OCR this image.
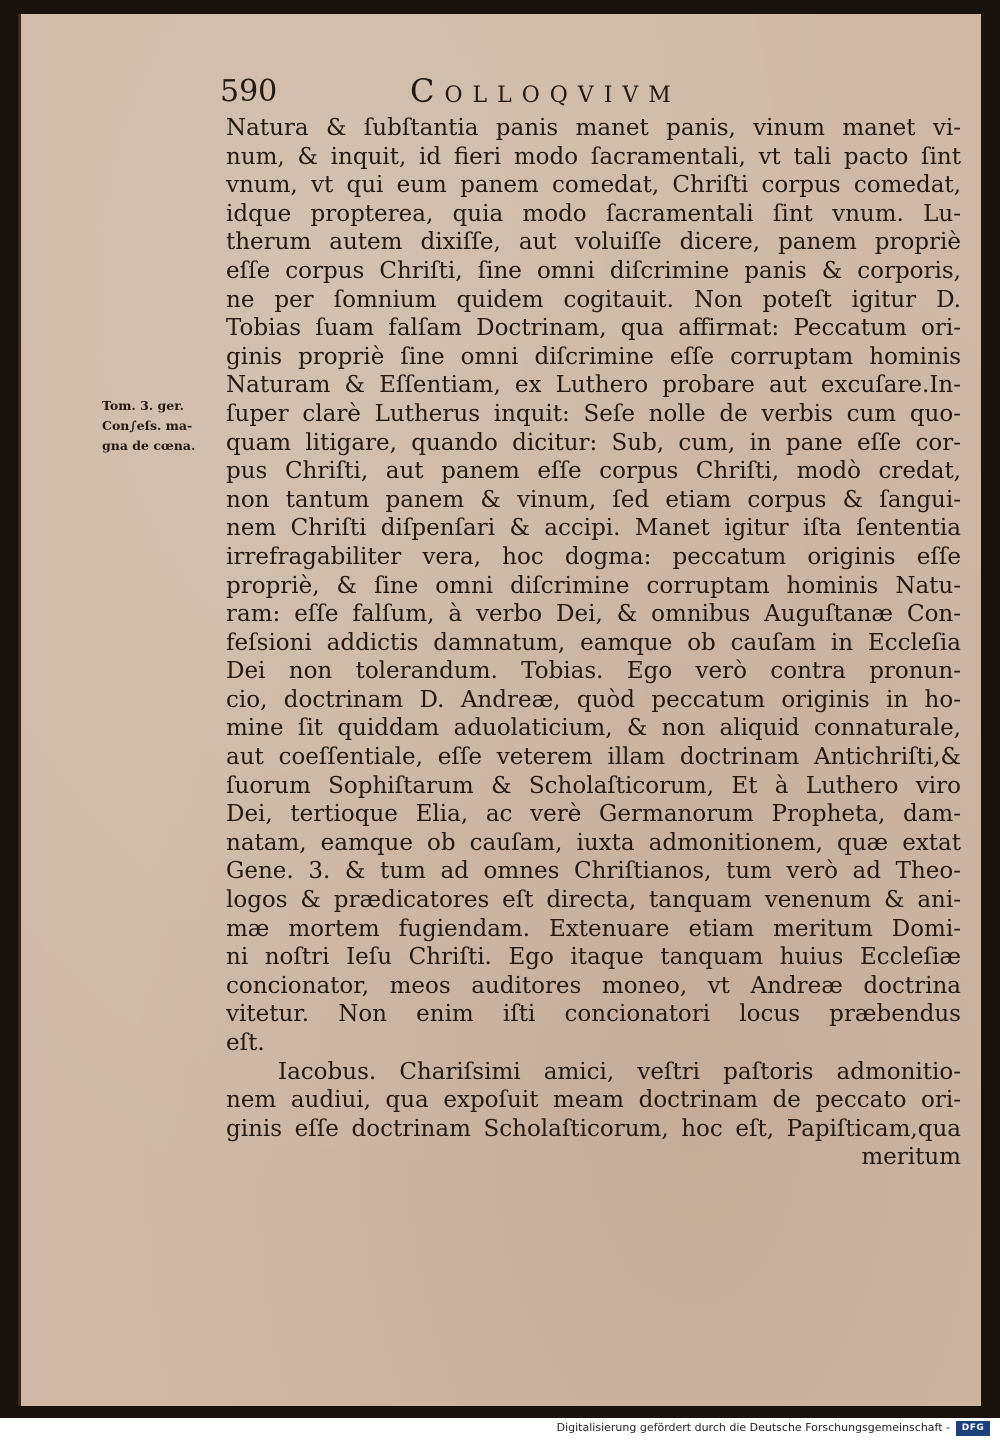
590	Colloqvivm
Tom. 3. ger.
Con∫eſs. ma-
gna de cœna.
Natura & ſubſtantia panis manet panis, vinum manet vi-
num, & inquit, id fieri modo ſacramentali, vt tali pacto ſint
vnum, vt qui eum panem comedat, Chriſti corpus comedat,
idque propterea, quia modo ſacramentali ſint vnum. Lu-
therum autem dixiſſe, aut voluiſſe dicere, panem propriè
eſſe corpus Chriſti, ſine omni diſcrimine panis & corporis,
ne per ſomnium quidem cogitauit. Non poteſt igitur D.
Tobias ſuam falſam Doctrinam, qua affirmat: Peccatum ori-
ginis propriè ſine omni diſcrimine eſſe corruptam hominis
Naturam & Eſſentiam, ex Luthero probare aut excuſare.In-
ſuper clarè Lutherus inquit: Seſe nolle de verbis cum quo-
quam litigare, quando dicitur: Sub, cum, in pane eſſe cor-
pus Chriſti, aut panem eſſe corpus Chriſti, modò credat,
non tantum panem & vinum, ſed etiam corpus & ſangui-
nem Chriſti diſpenſari & accipi. Manet igitur iſta ſententia
irrefragabiliter vera, hoc dogma: peccatum originis eſſe
propriè, & ſine omni diſcrimine corruptam hominis Natu-
ram: eſſe falſum, à verbo Dei, & omnibus Auguſtanæ Con-
feſsioni addictis damnatum, eamque ob cauſam in Eccleſia
Dei non tolerandum. Tobias. Ego verò contra pronun-
cio, doctrinam D. Andreæ, quòd peccatum originis in ho-
mine ſit quiddam aduolaticium, & non aliquid connaturale,
aut coeſſentiale, eſſe veterem illam doctrinam Antichriſti,&
ſuorum Sophiſtarum & Scholaſticorum, Et à Luthero viro
Dei, tertioque Elia, ac verè Germanorum Propheta, dam-
natam, eamque ob cauſam, iuxta admonitionem, quæ extat
Gene. 3. & tum ad omnes Chriſtianos, tum verò ad Theo-
logos & prædicatores eſt directa, tanquam venenum & ani-
mæ mortem fugiendam. Extenuare etiam meritum Domi-
ni noſtri Ieſu Chriſti. Ego itaque tanquam huius Eccleſiæ
concionator, meos auditores moneo, vt Andreæ doctrina
vitetur. Non enim iſti concionatori locus præbendus
eſt.
Iacobus. Chariſsimi amici, veſtri paſtoris admonitio-
nem audiui, qua expoſuit meam doctrinam de peccato ori-
ginis eſſe doctrinam Scholaſticorum, hoc eſt, Papiſticam,qua
meritum
Digitalisierung gefördert durch die Deutsche Forschungsgemeinschaft -	DFG
